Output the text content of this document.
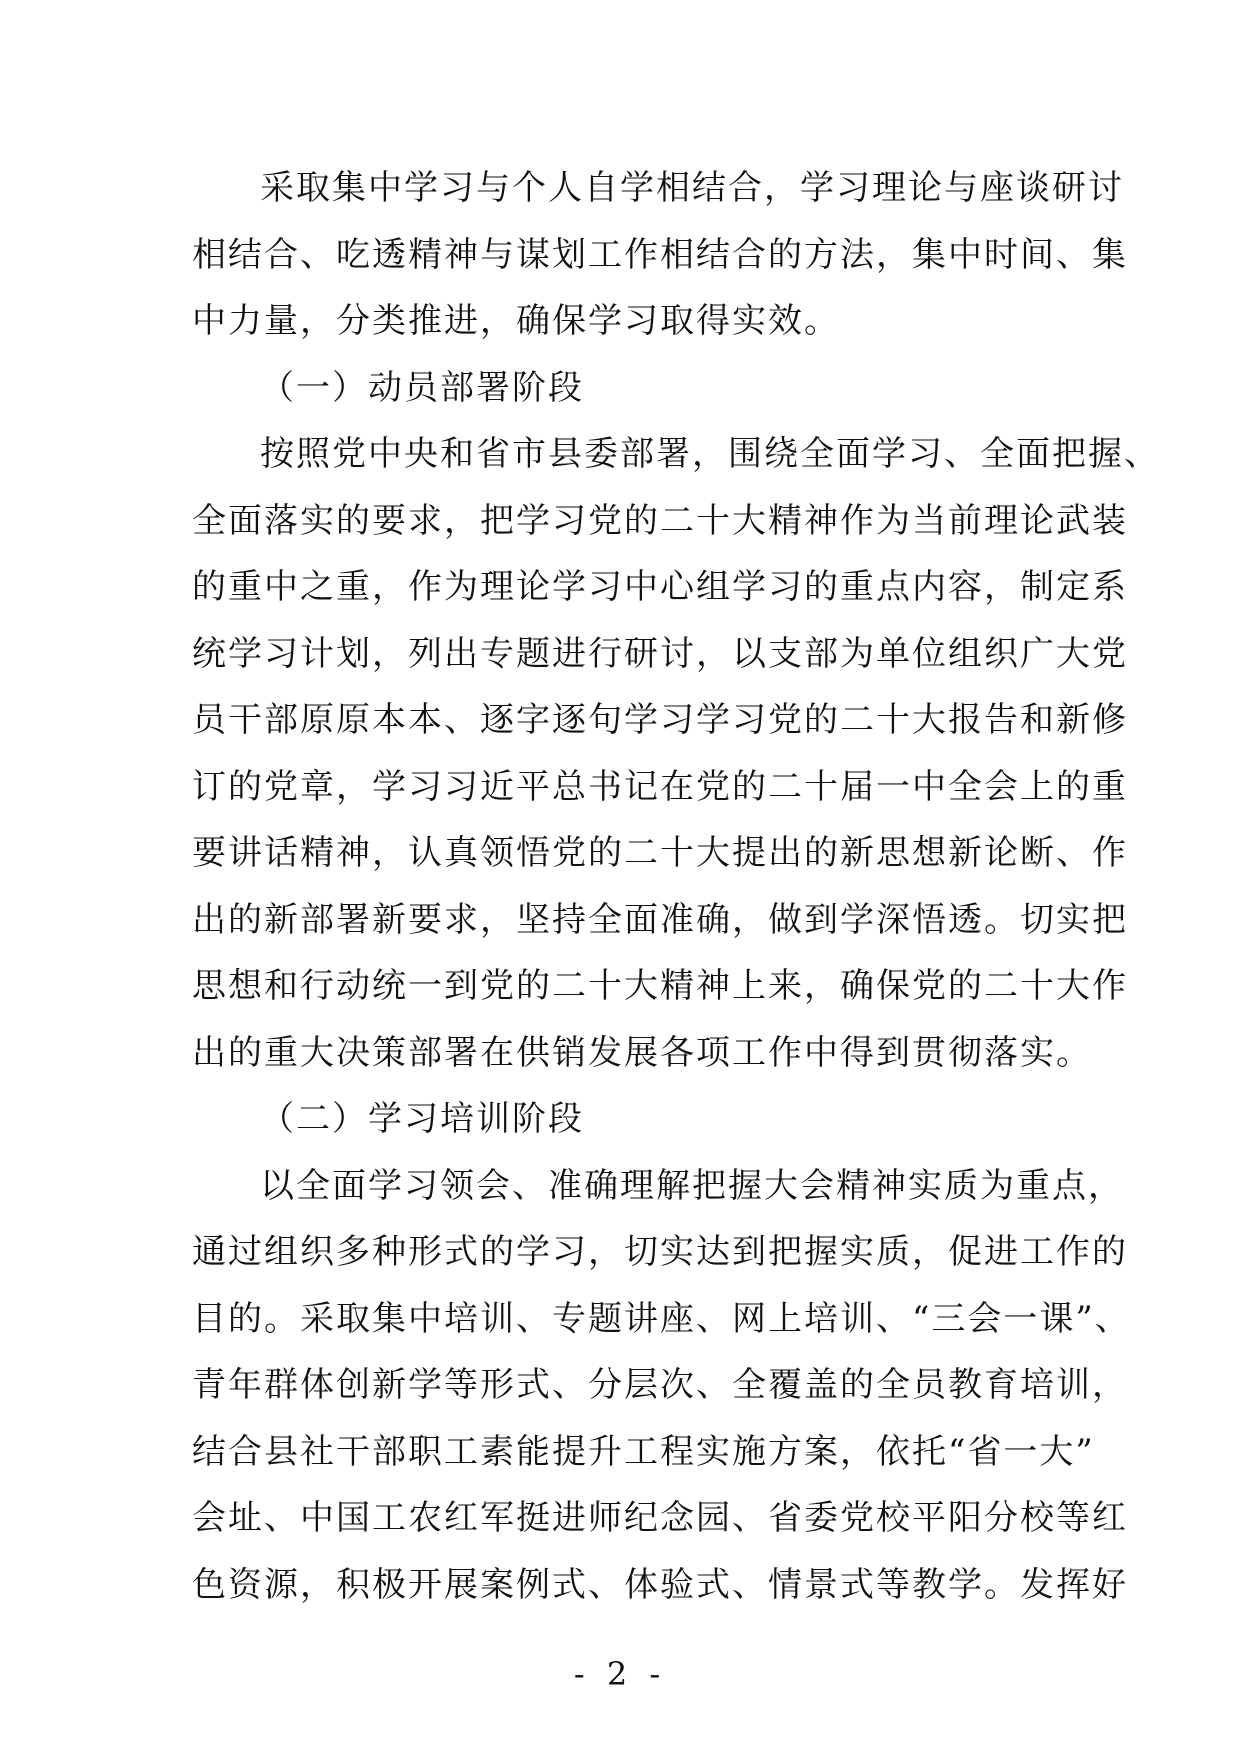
采取集中学习与个人自学相结合，学习理论与座谈研讨
相结合、吃透精神与谋划工作相结合的方法，集中时间、集
中力量，分类推进，确保学习取得实效。
（一）动员部署阶段
按照党中央和省市县委部署，围绕全面学习、全面把握、
全面落实的要求，把学习党的二十大精神作为当前理论武装
的重中之重，作为理论学习中心组学习的重点内容，制定系
统学习计划，列出专题进行研讨，以支部为单位组织广大党
员干部原原本本、逐字逐句学习学习党的二十大报告和新修
订的党章，学习习近平总书记在党的二十届一中全会上的重
要讲话精神，认真领悟党的二十大提出的新思想新论断、作
出的新部署新要求，坚持全面准确，做到学深悟透。切实把
思想和行动统一到党的二十大精神上来，确保党的二十大作
出的重大决策部署在供销发展各项工作中得到贯彻落实。
（二）学习培训阶段
以全面学习领会、准确理解把握大会精神实质为重点，
通过组织多种形式的学习，切实达到把握实质，促进工作的
目的。采取集中培训、专题讲座、网上培训、“三会一课”、
青年群体创新学等形式、分层次、全覆盖的全员教育培训，
结合县社干部职工素能提升工程实施方案，依托“省一大”
会址、中国工农红军挺进师纪念园、省委党校平阳分校等红
色资源，积极开展案例式、体验式、情景式等教学。发挥好
- 2 -
